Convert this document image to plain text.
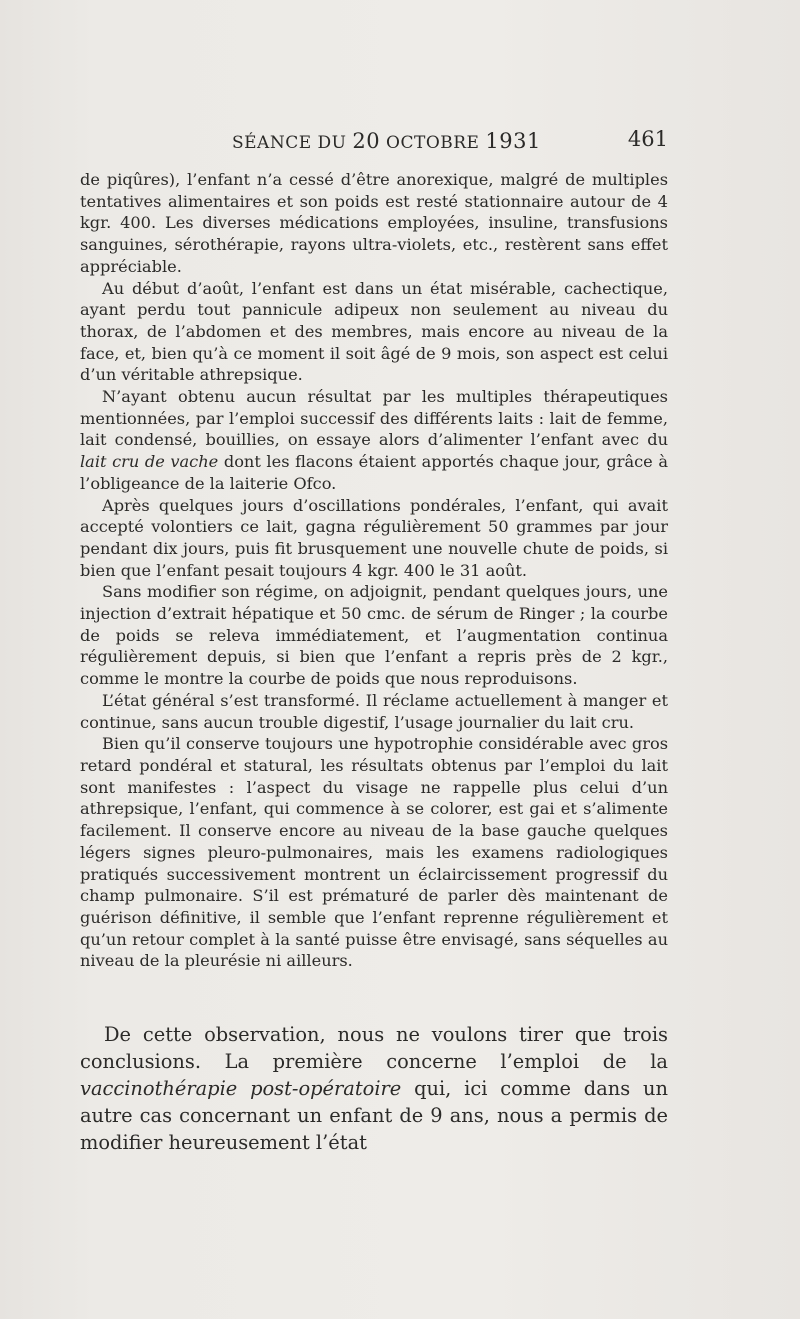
SÉANCE DU 20 OCTOBRE 1931	461

de piqûres), l’enfant n’a cessé d’être anorexique, malgré de multiples tentatives alimentaires et son poids est resté stationnaire autour de 4 kgr. 400. Les diverses médications employées, insuline, transfusions sanguines, sérothérapie, rayons ultra-violets, etc., restèrent sans effet appréciable.

Au début d’août, l’enfant est dans un état misérable, cachectique, ayant perdu tout pannicule adipeux non seulement au niveau du thorax, de l’abdomen et des membres, mais encore au niveau de la face, et, bien qu’à ce moment il soit âgé de 9 mois, son aspect est celui d’un véritable athrepsique.

N’ayant obtenu aucun résultat par les multiples thérapeutiques mentionnées, par l’emploi successif des différents laits : lait de femme, lait condensé, bouillies, on essaye alors d’alimenter l’enfant avec du lait cru de vache dont les flacons étaient apportés chaque jour, grâce à l’obligeance de la laiterie Ofco.

Après quelques jours d’oscillations pondérales, l’enfant, qui avait accepté volontiers ce lait, gagna régulièrement 50 grammes par jour pendant dix jours, puis fit brusquement une nouvelle chute de poids, si bien que l’enfant pesait toujours 4 kgr. 400 le 31 août.

Sans modifier son régime, on adjoignit, pendant quelques jours, une injection d’extrait hépatique et 50 cmc. de sérum de Ringer ; la courbe de poids se releva immédiatement, et l’augmentation continua régulièrement depuis, si bien que l’enfant a repris près de 2 kgr., comme le montre la courbe de poids que nous reproduisons.

L’état général s’est transformé. Il réclame actuellement à manger et continue, sans aucun trouble digestif, l’usage journalier du lait cru.

Bien qu’il conserve toujours une hypotrophie considérable avec gros retard pondéral et statural, les résultats obtenus par l’emploi du lait sont manifestes : l’aspect du visage ne rappelle plus celui d’un athrepsique, l’enfant, qui commence à se colorer, est gai et s’alimente facilement. Il conserve encore au niveau de la base gauche quelques légers signes pleuro-pulmonaires, mais les examens radiologiques pratiqués successivement montrent un éclaircissement progressif du champ pulmonaire. S’il est prématuré de parler dès maintenant de guérison définitive, il semble que l’enfant reprenne régulièrement et qu’un retour complet à la santé puisse être envisagé, sans séquelles au niveau de la pleurésie ni ailleurs.

De cette observation, nous ne voulons tirer que trois conclusions. La première concerne l’emploi de la vaccinothérapie post-opératoire qui, ici comme dans un autre cas concernant un enfant de 9 ans, nous a permis de modifier heureusement l’état
